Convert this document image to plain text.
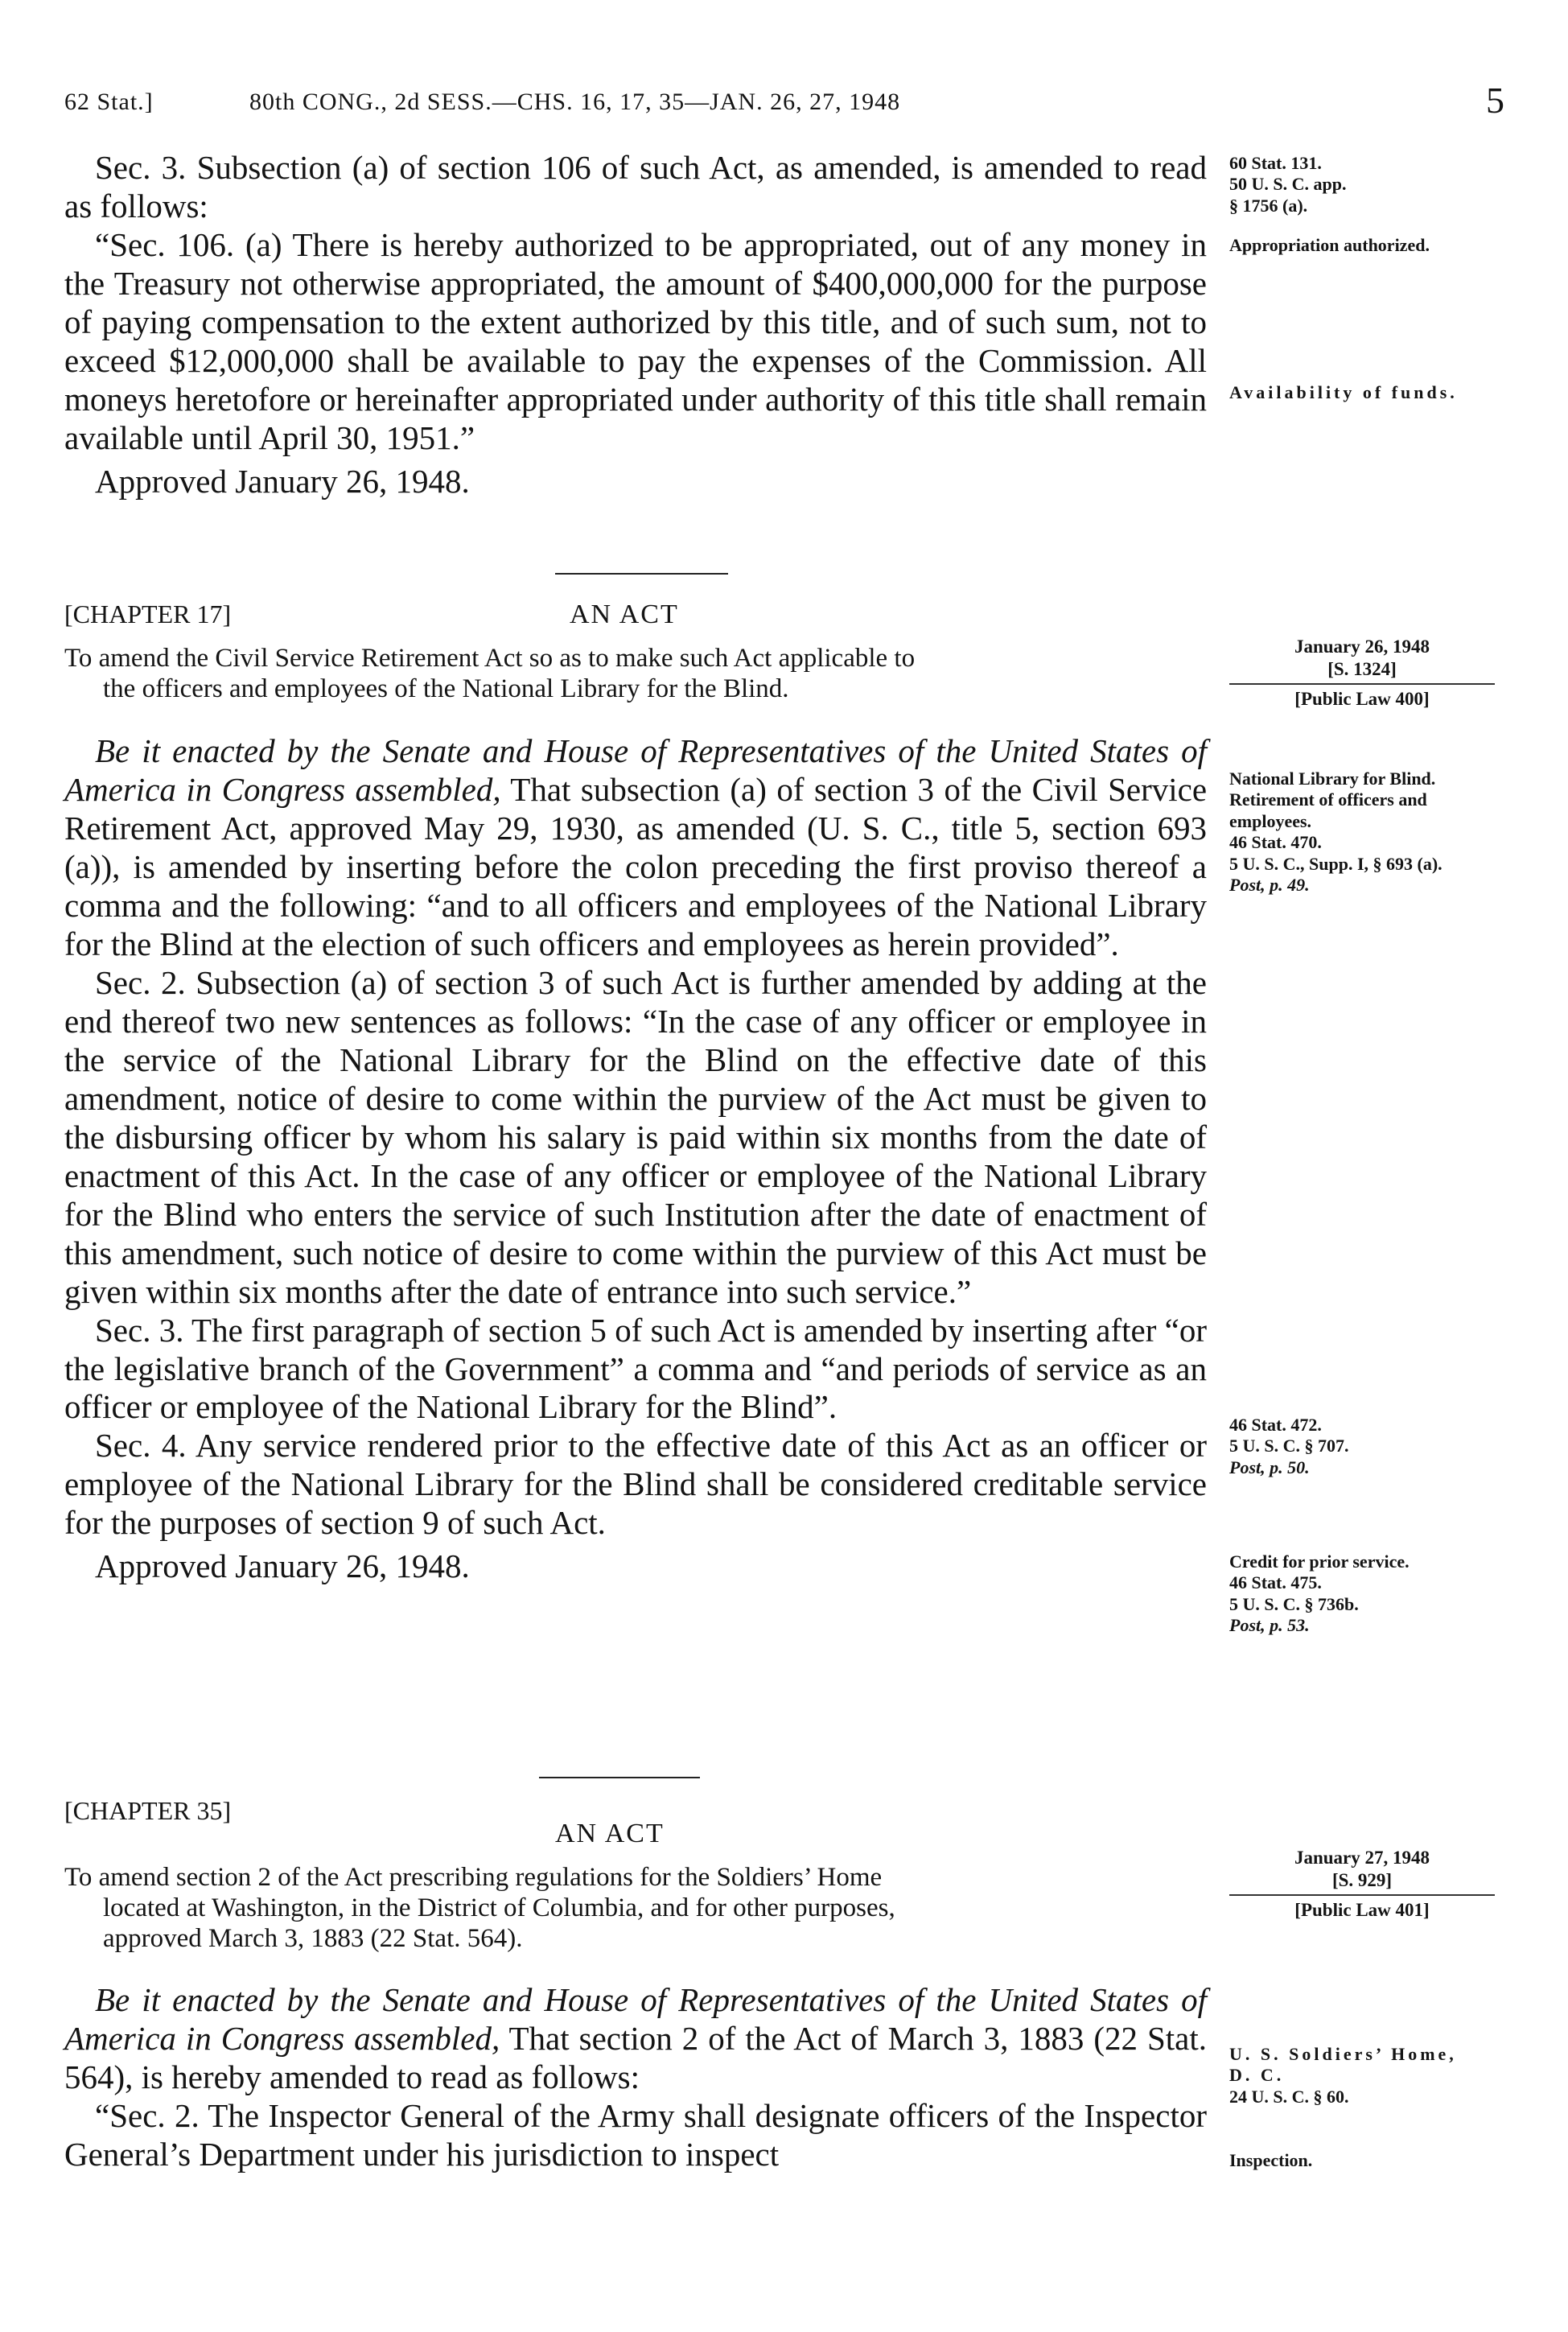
62 Stat.]	80th CONG., 2d SESS.—CHS. 16, 17, 35—JAN. 26, 27, 1948	5

Sec. 3. Subsection (a) of section 106 of such Act, as amended, is amended to read as follows:

“Sec. 106. (a) There is hereby authorized to be appropriated, out of any money in the Treasury not otherwise appropriated, the amount of $400,000,000 for the purpose of paying compensation to the extent authorized by this title, and of such sum, not to exceed $12,000,000 shall be available to pay the expenses of the Commission. All moneys heretofore or hereinafter appropriated under authority of this title shall remain available until April 30, 1951.”

Approved January 26, 1948.

60 Stat. 131.
50 U. S. C. app.
§ 1756 (a).
Appropriation authorized.
Availability of funds.
[CHAPTER 17]	AN ACT
To amend the Civil Service Retirement Act so as to make such Act applicable to
the officers and employees of the National Library for the Blind.
January 26, 1948
[S. 1324]
[Public Law 400]

Be it enacted by the Senate and House of Representatives of the United States of America in Congress assembled, That subsection (a) of section 3 of the Civil Service Retirement Act, approved May 29, 1930, as amended (U. S. C., title 5, section 693 (a)), is amended by inserting before the colon preceding the first proviso thereof a comma and the following: “and to all officers and employees of the National Library for the Blind at the election of such officers and employees as herein provided”.

Sec. 2. Subsection (a) of section 3 of such Act is further amended by adding at the end thereof two new sentences as follows: “In the case of any officer or employee in the service of the National Library for the Blind on the effective date of this amendment, notice of desire to come within the purview of the Act must be given to the disbursing officer by whom his salary is paid within six months from the date of enactment of this Act. In the case of any officer or employee of the National Library for the Blind who enters the service of such Institution after the date of enactment of this amendment, such notice of desire to come within the purview of this Act must be given within six months after the date of entrance into such service.”

Sec. 3. The first paragraph of section 5 of such Act is amended by inserting after “or the legislative branch of the Government” a comma and “and periods of service as an officer or employee of the National Library for the Blind”.

Sec. 4. Any service rendered prior to the effective date of this Act as an officer or employee of the National Library for the Blind shall be considered creditable service for the purposes of section 9 of such Act.

Approved January 26, 1948.

National Library for Blind.
Retirement of officers and employees.
46 Stat. 470.
5 U. S. C., Supp. I, § 693 (a).
Post, p. 49.
46 Stat. 472.
5 U. S. C. § 707.
Post, p. 50.
Credit for prior service.
46 Stat. 475.
5 U. S. C. § 736b.
Post, p. 53.
[CHAPTER 35]
AN ACT
To amend section 2 of the Act prescribing regulations for the Soldiers’ Home
located at Washington, in the District of Columbia, and for other purposes,
approved March 3, 1883 (22 Stat. 564).
January 27, 1948
[S. 929]
[Public Law 401]

Be it enacted by the Senate and House of Representatives of the United States of America in Congress assembled, That section 2 of the Act of March 3, 1883 (22 Stat. 564), is hereby amended to read as follows:

“Sec. 2. The Inspector General of the Army shall designate officers of the Inspector General’s Department under his jurisdiction to inspect

U. S. Soldiers’ Home, D. C.
24 U. S. C. § 60.
Inspection.
